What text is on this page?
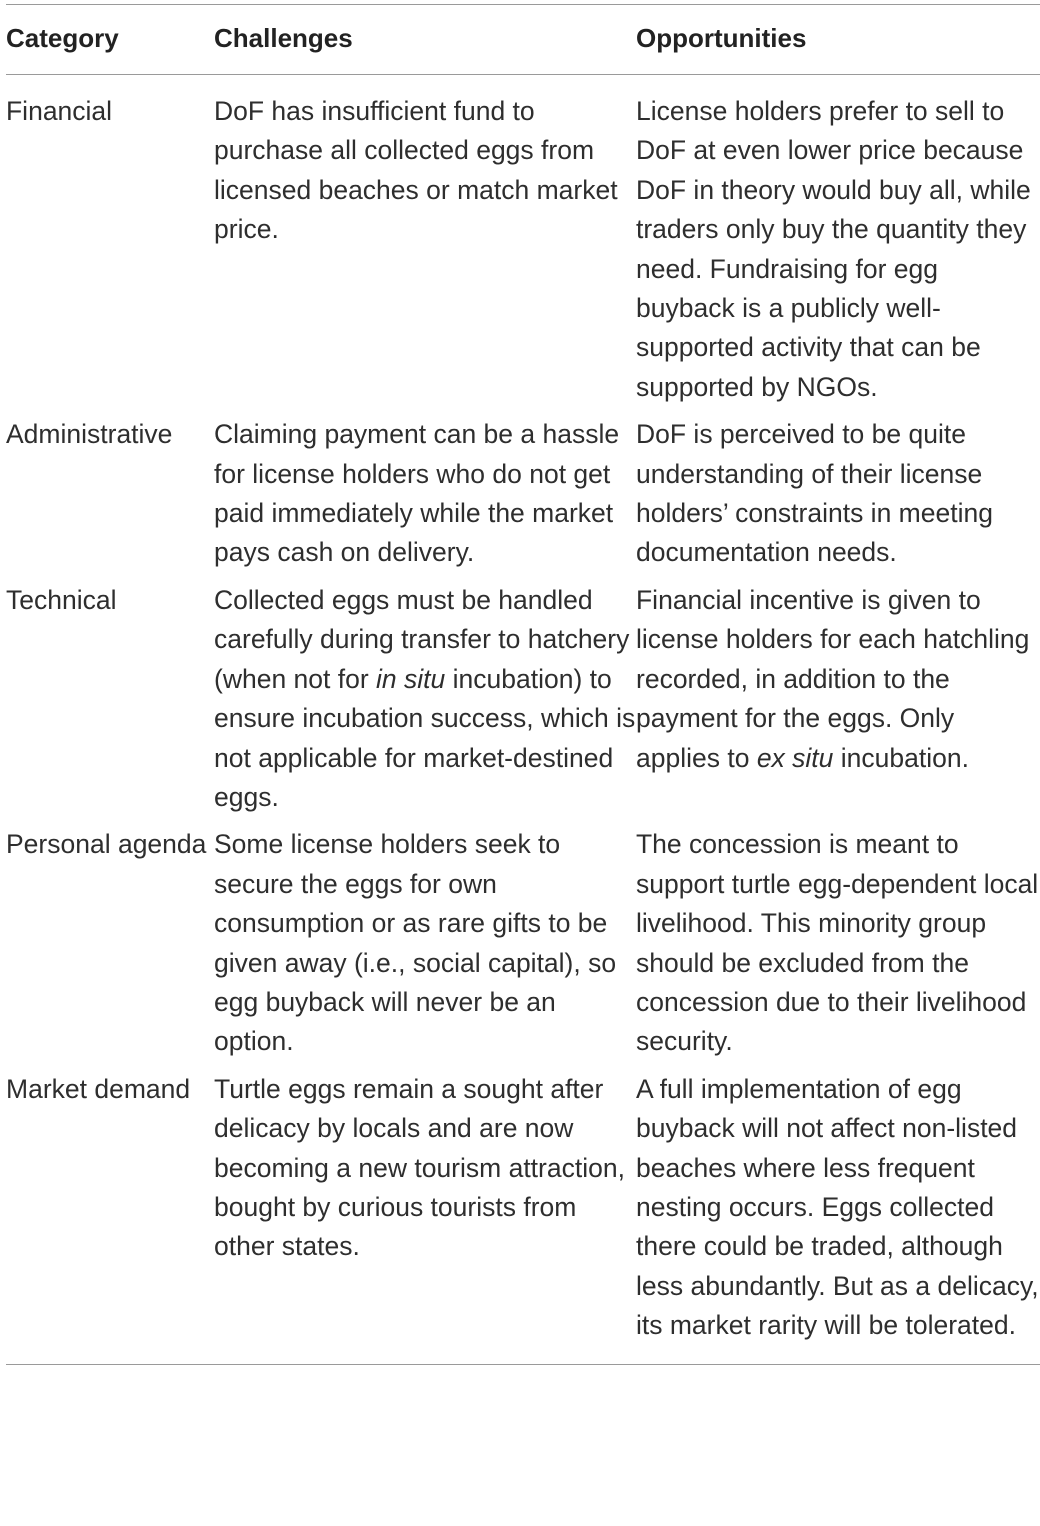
Category	Challenges	Opportunities
Financial	DoF has insufficient fund to purchase all collected eggs from licensed beaches or match market price.	License holders prefer to sell to DoF at even lower price because DoF in theory would buy all, while traders only buy the quantity they need. Fundraising for egg buyback is a publicly well-supported activity that can be supported by NGOs.
Administrative	Claiming payment can be a hassle for license holders who do not get paid immediately while the market pays cash on delivery.	DoF is perceived to be quite understanding of their license holders’ constraints in meeting documentation needs.
Technical	Collected eggs must be handled carefully during transfer to hatchery (when not for in situ incubation) to ensure incubation success, which is not applicable for market-destined eggs.	Financial incentive is given to license holders for each hatchling recorded, in addition to the payment for the eggs. Only applies to ex situ incubation.
Personal agenda	Some license holders seek to secure the eggs for own consumption or as rare gifts to be given away (i.e., social capital), so egg buyback will never be an option.	The concession is meant to support turtle egg-dependent local livelihood. This minority group should be excluded from the concession due to their livelihood security.
Market demand	Turtle eggs remain a sought after delicacy by locals and are now becoming a new tourism attraction, bought by curious tourists from other states.	A full implementation of egg buyback will not affect non-listed beaches where less frequent nesting occurs. Eggs collected there could be traded, although less abundantly. But as a delicacy, its market rarity will be tolerated.
